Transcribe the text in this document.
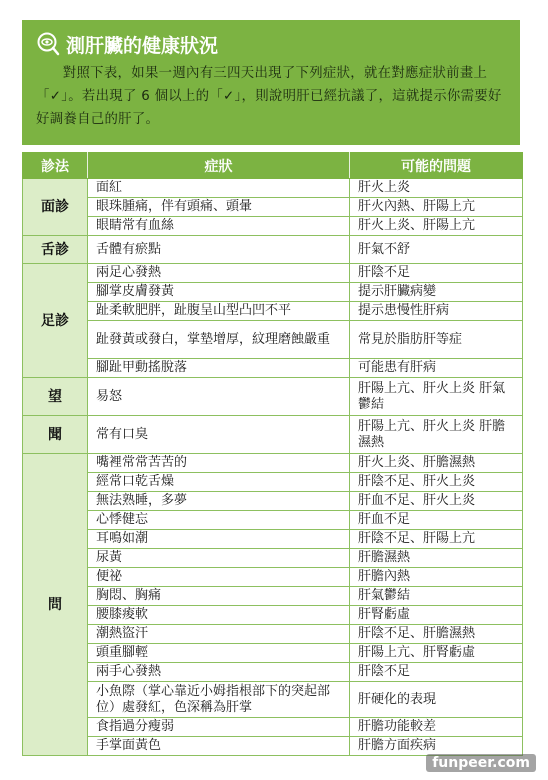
測肝臟的健康狀況

對照下表，如果一週內有三四天出現了下列症狀，就在對應症狀前畫上「✓」。若出現了 6 個以上的「✓」，則說明肝已經抗議了，這就提示你需要好好調養自己的肝了。

診法	症狀	可能的問題
面診	面紅	肝火上炎
	眼珠腫痛，伴有頭痛、頭暈	肝火內熱、肝陽上亢
	眼睛常有血絲	肝火上炎、肝陽上亢
舌診	舌體有瘀點	肝氣不舒
足診	兩足心發熱	肝陰不足
	腳掌皮膚發黃	提示肝臟病變
	趾柔軟肥胖，趾腹呈山型凸凹不平	提示患慢性肝病
	趾發黃或發白，掌墊增厚，紋理磨蝕嚴重	常見於脂肪肝等症
	腳趾甲動搖脫落	可能患有肝病
望	易怒	肝陽上亢、肝火上炎 肝氣鬱結
聞	常有口臭	肝陽上亢、肝火上炎 肝膽濕熱
問	嘴裡常常苦苦的	肝火上炎、肝膽濕熱
	經常口乾舌燥	肝陰不足、肝火上炎
	無法熟睡，多夢	肝血不足、肝火上炎
	心悸健忘	肝血不足
	耳鳴如潮	肝陰不足、肝陽上亢
	尿黃	肝膽濕熱
	便祕	肝膽內熱
	胸悶、胸痛	肝氣鬱結
	腰膝痠軟	肝腎虧虛
	潮熱盜汗	肝陰不足、肝膽濕熱
	頭重腳輕	肝陽上亢、肝腎虧虛
	兩手心發熱	肝陰不足
	小魚際（掌心靠近小姆指根部下的突起部位）處發紅，色深稱為肝掌	肝硬化的表現
	食指過分瘦弱	肝膽功能較差
	手掌面黃色	肝膽方面疾病
funpeer.com
